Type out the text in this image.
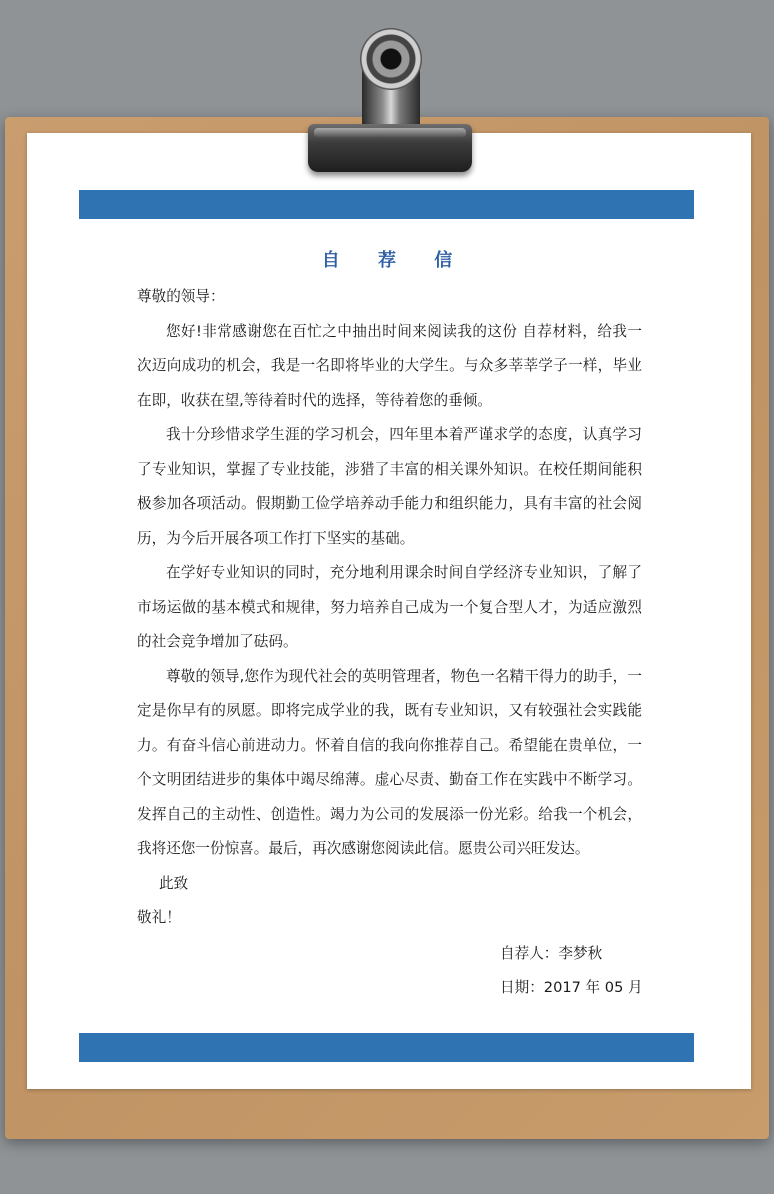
自 荐 信

尊敬的领导：

您好!非常感谢您在百忙之中抽出时间来阅读我的这份 自荐材料，给我一次迈向成功的机会，我是一名即将毕业的大学生。与众多莘莘学子一样，毕业在即，收获在望,等待着时代的选择，等待着您的垂倾。

我十分珍惜求学生涯的学习机会，四年里本着严谨求学的态度，认真学习了专业知识，掌握了专业技能，涉猎了丰富的相关课外知识。在校任期间能积极参加各项活动。假期勤工俭学培养动手能力和组织能力，具有丰富的社会阅历，为今后开展各项工作打下坚实的基础。

在学好专业知识的同时，充分地利用课余时间自学经济专业知识，了解了市场运做的基本模式和规律，努力培养自己成为一个复合型人才，为适应激烈的社会竞争增加了砝码。

尊敬的领导,您作为现代社会的英明管理者，物色一名精干得力的助手，一定是你早有的夙愿。即将完成学业的我，既有专业知识，又有较强社会实践能力。有奋斗信心前进动力。怀着自信的我向你推荐自己。希望能在贵单位，一个文明团结进步的集体中竭尽绵薄。虚心尽责、勤奋工作在实践中不断学习。发挥自己的主动性、创造性。竭力为公司的发展添一份光彩。给我一个机会，我将还您一份惊喜。最后，再次感谢您阅读此信。愿贵公司兴旺发达。

此致

敬礼！

自荐人：李梦秋
日期：2017 年 05 月
